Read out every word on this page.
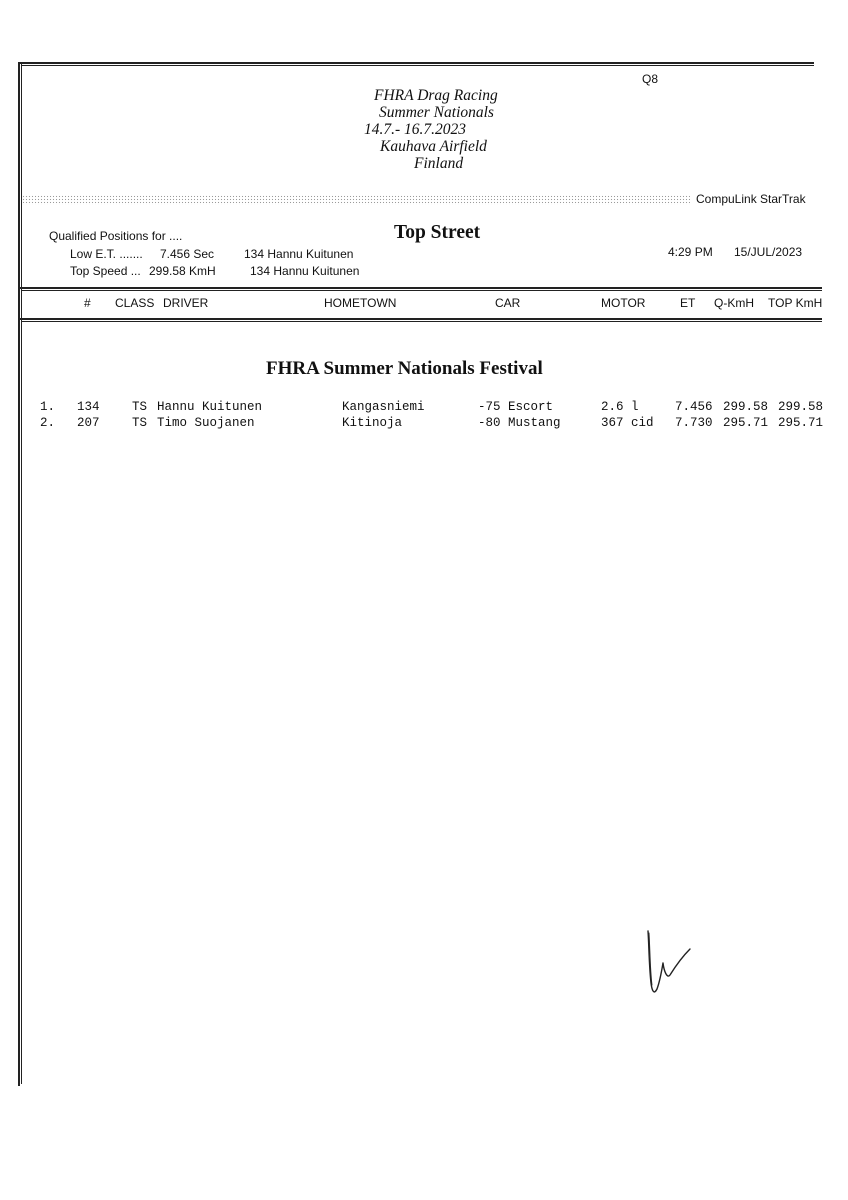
Q8
FHRA Drag Racing
Summer Nationals
14.7.- 16.7.2023
Kauhava Airfield
Finland
CompuLink StarTrak
Qualified Positions for ....
Low E.T. ....... 7.456 Sec 134 Hannu Kuitunen
Top Speed ... 299.58 KmH	134 Hannu Kuitunen
Top Street
4:29 PM 15/JUL/2023
# CLASS DRIVER	HOMETOWN	CAR	MOTOR	ET Q-KmH TOP KmH
FHRA Summer Nationals Festival
1. 134	TS Hannu Kuitunen	Kangasniemi	-75 Escort	2.6 l	7.456 299.58 299.58
2. 207	TS Timo Suojanen	Kitinoja	-80 Mustang	367 cid 7.730 295.71 295.71
